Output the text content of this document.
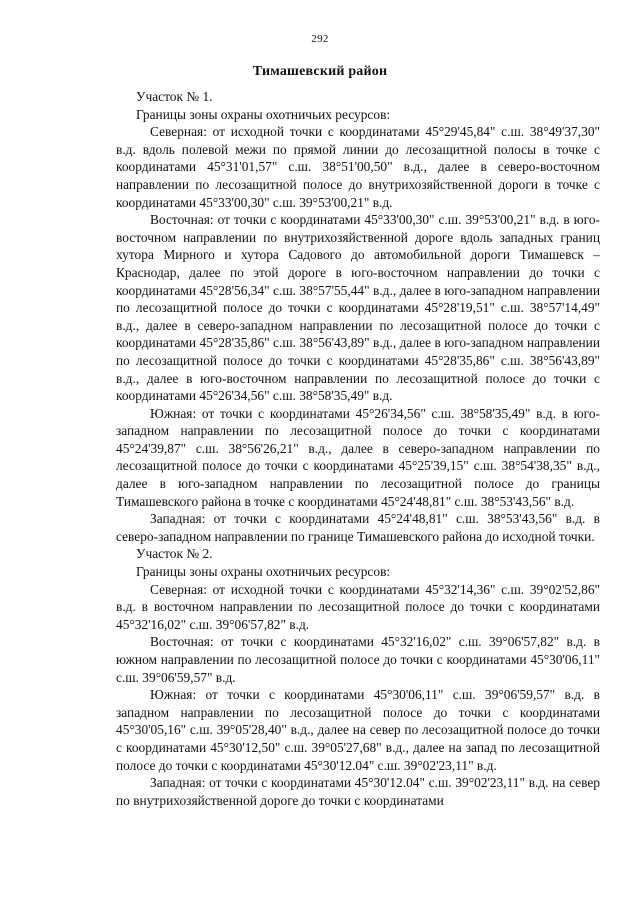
292
Тимашевский район

Участок № 1.

Границы зоны охраны охотничьих ресурсов:

Северная: от исходной точки с координатами 45°29'45,84" с.ш. 38°49'37,30" в.д. вдоль полевой межи по прямой линии до лесозащитной полосы в точке с координатами 45°31'01,57" с.ш. 38°51'00,50" в.д., далее в северо-восточном направлении по лесозащитной полосе до внутрихозяйственной дороги в точке с координатами 45°33'00,30" с.ш. 39°53'00,21" в.д.

Восточная: от точки с координатами 45°33'00,30" с.ш. 39°53'00,21" в.д. в юго-восточном направлении по внутрихозяйственной дороге вдоль западных границ хутора Мирного и хутора Садового до автомобильной дороги Тимашевск – Краснодар, далее по этой дороге в юго-восточном направлении до точки с координатами 45°28'56,34" с.ш. 38°57'55,44" в.д., далее в юго-западном направлении по лесозащитной полосе до точки с координатами 45°28'19,51" с.ш. 38°57'14,49" в.д., далее в северо-западном направлении по лесозащитной полосе до точки с координатами 45°28'35,86" с.ш. 38°56'43,89" в.д., далее в юго-западном направлении по лесозащитной полосе до точки с координатами 45°28'35,86" с.ш. 38°56'43,89" в.д., далее в юго-восточном направлении по лесозащитной полосе до точки с координатами 45°26'34,56" с.ш. 38°58'35,49" в.д.

Южная: от точки с координатами 45°26'34,56" с.ш. 38°58'35,49" в.д. в юго-западном направлении по лесозащитной полосе до точки с координатами 45°24'39,87" с.ш. 38°56'26,21" в.д., далее в северо-западном направлении по лесозащитной полосе до точки с координатами 45°25'39,15" с.ш. 38°54'38,35" в.д., далее в юго-западном направлении по лесозащитной полосе до границы Тимашевского района в точке с координатами 45°24'48,81" с.ш. 38°53'43,56" в.д.

Западная: от точки с координатами 45°24'48,81" с.ш. 38°53'43,56" в.д. в северо-западном направлении по границе Тимашевского района до исходной точки.

Участок № 2.

Границы зоны охраны охотничьих ресурсов:

Северная: от исходной точки с координатами 45°32'14,36" с.ш. 39°02'52,86" в.д. в восточном направлении по лесозащитной полосе до точки с координатами 45°32'16,02" с.ш. 39°06'57,82" в.д.

Восточная: от точки с координатами 45°32'16,02" с.ш. 39°06'57,82" в.д. в южном направлении по лесозащитной полосе до точки с координатами 45°30'06,11" с.ш. 39°06'59,57" в.д.

Южная: от точки с координатами 45°30'06,11" с.ш. 39°06'59,57" в.д. в западном направлении по лесозащитной полосе до точки с координатами 45°30'05,16" с.ш. 39°05'28,40" в.д., далее на север по лесозащитной полосе до точки с координатами 45°30'12,50" с.ш. 39°05'27,68" в.д., далее на запад по лесозащитной полосе до точки с координатами 45°30'12.04" с.ш. 39°02'23,11" в.д.

Западная: от точки с координатами 45°30'12.04" с.ш. 39°02'23,11" в.д. на север по внутрихозяйственной дороге до точки с координатами
